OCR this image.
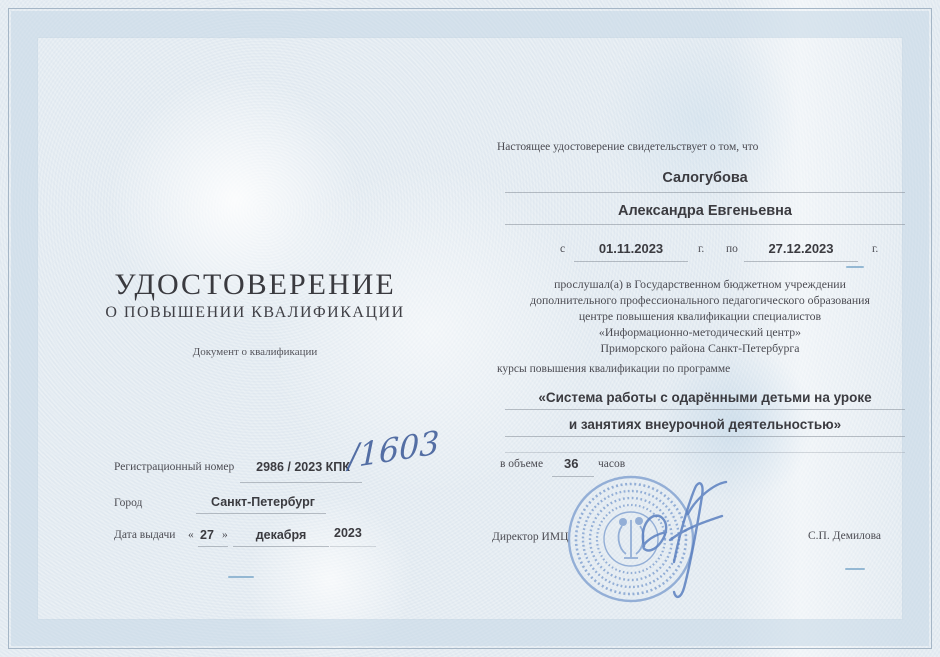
УДОСТОВЕРЕНИЕ
О ПОВЫШЕНИИ КВАЛИФИКАЦИИ
Документ о квалификации
Регистрационный номер	2986 / 2023 КПК
/1603
Город	Санкт-Петербург
Дата выдачи « 27 »	декабря	2023
Настоящее удостоверение свидетельствует о том, что
Салогубова
Александра Евгеньевна
с	01.11.2023	г. по	27.12.2023	г.
прослушал(а) в Государственном бюджетном учреждении
дополнительного профессионального педагогического образования
центре повышения квалификации специалистов
«Информационно-методический центр»
Приморского района Санкт-Петербурга
курсы повышения квалификации по программе
«Система работы с одарёнными детьми на уроке
и занятиях внеурочной деятельностью»
в объеме 36 часов
Директор ИМЦ	С.П. Демилова
